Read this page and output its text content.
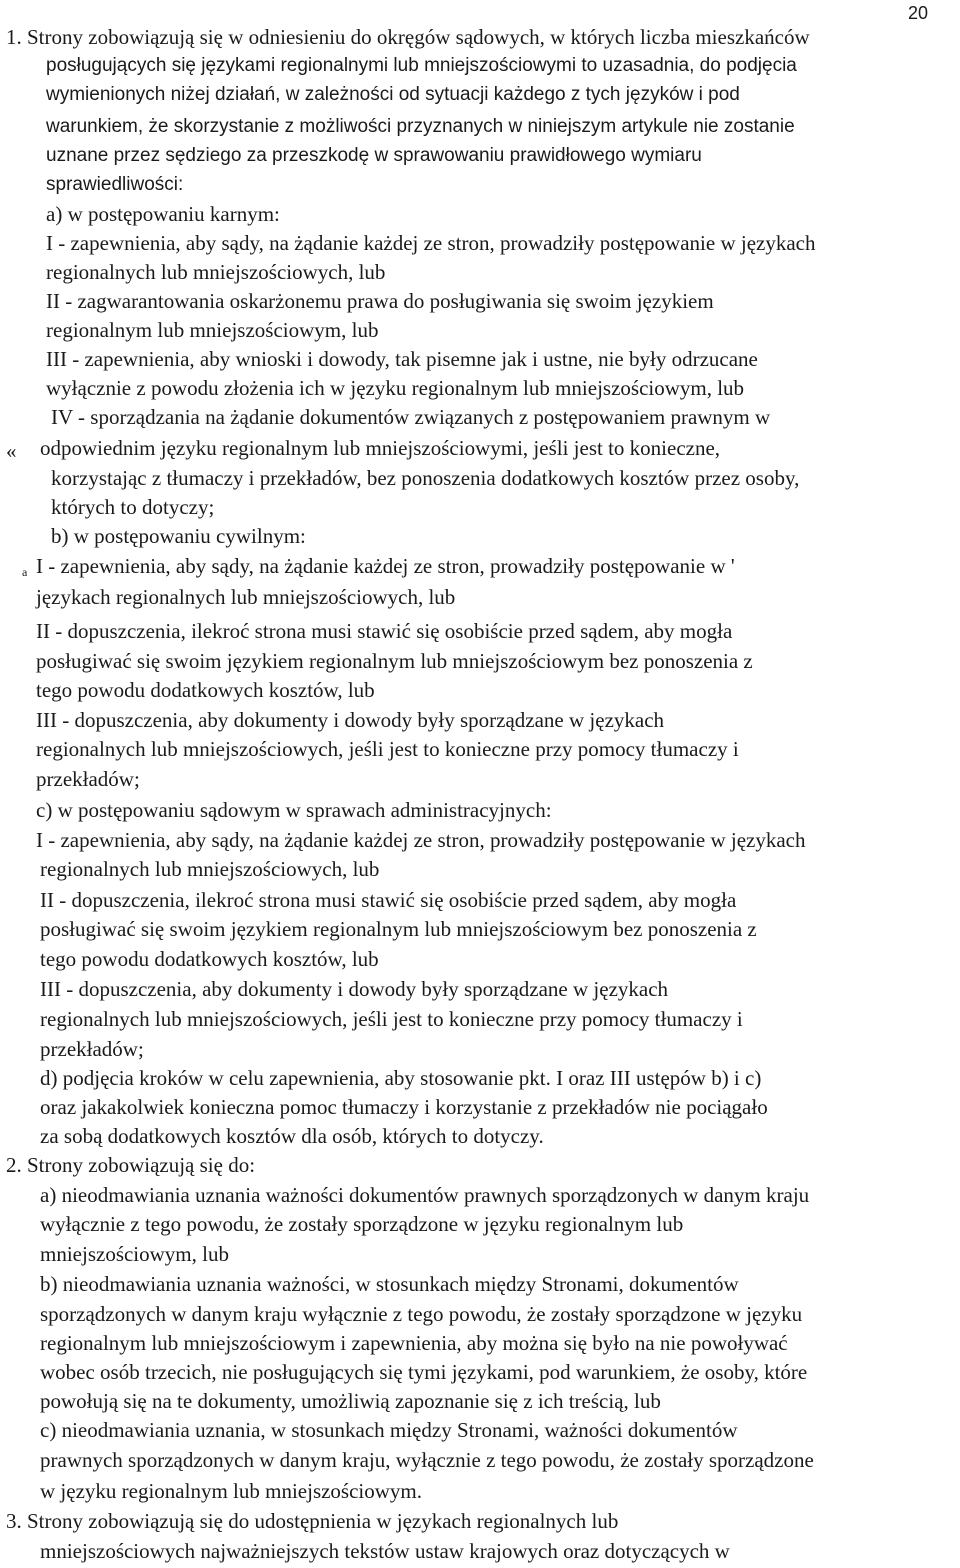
20
«
a
1. Strony zobowiązują się w odniesieniu do okręgów sądowych, w których liczba mieszkańców
posługujących się językami regionalnymi lub mniejszościowymi to uzasadnia, do podjęcia
wymienionych niżej działań, w zależności od sytuacji każdego z tych języków i pod
warunkiem, że skorzystanie z możliwości przyznanych w niniejszym artykule nie zostanie
uznane przez sędziego za przeszkodę w sprawowaniu prawidłowego wymiaru
sprawiedliwości:
a) w postępowaniu karnym:
I - zapewnienia, aby sądy, na żądanie każdej ze stron, prowadziły postępowanie w językach
regionalnych lub mniejszościowych, lub
II - zagwarantowania oskarżonemu prawa do posługiwania się swoim językiem
regionalnym lub mniejszościowym, lub
III - zapewnienia, aby wnioski i dowody, tak pisemne jak i ustne, nie były odrzucane
wyłącznie z powodu złożenia ich w języku regionalnym lub mniejszościowym, lub
IV - sporządzania na żądanie dokumentów związanych z postępowaniem prawnym w
odpowiednim języku regionalnym lub mniejszościowymi, jeśli jest to konieczne,
korzystając z tłumaczy i przekładów, bez ponoszenia dodatkowych kosztów przez osoby,
których to dotyczy;
b) w postępowaniu cywilnym:
I - zapewnienia, aby sądy, na żądanie każdej ze stron, prowadziły postępowanie w '
językach regionalnych lub mniejszościowych, lub
II - dopuszczenia, ilekroć strona musi stawić się osobiście przed sądem, aby mogła
posługiwać się swoim językiem regionalnym lub mniejszościowym bez ponoszenia z
tego powodu dodatkowych kosztów, lub
III - dopuszczenia, aby dokumenty i dowody były sporządzane w językach
regionalnych lub mniejszościowych, jeśli jest to konieczne przy pomocy tłumaczy i
przekładów;
c) w postępowaniu sądowym w sprawach administracyjnych:
I - zapewnienia, aby sądy, na żądanie każdej ze stron, prowadziły postępowanie w językach
regionalnych lub mniejszościowych, lub
II - dopuszczenia, ilekroć strona musi stawić się osobiście przed sądem, aby mogła
posługiwać się swoim językiem regionalnym lub mniejszościowym bez ponoszenia z
tego powodu dodatkowych kosztów, lub
III - dopuszczenia, aby dokumenty i dowody były sporządzane w językach
regionalnych lub mniejszościowych, jeśli jest to konieczne przy pomocy tłumaczy i
przekładów;
d) podjęcia kroków w celu zapewnienia, aby stosowanie pkt. I oraz III ustępów b) i c)
oraz jakakolwiek konieczna pomoc tłumaczy i korzystanie z przekładów nie pociągało
za sobą dodatkowych kosztów dla osób, których to dotyczy.
2. Strony zobowiązują się do:
a) nieodmawiania uznania ważności dokumentów prawnych sporządzonych w danym kraju
wyłącznie z tego powodu, że zostały sporządzone w języku regionalnym lub
mniejszościowym, lub
b) nieodmawiania uznania ważności, w stosunkach między Stronami, dokumentów
sporządzonych w danym kraju wyłącznie z tego powodu, że zostały sporządzone w języku
regionalnym lub mniejszościowym i zapewnienia, aby można się było na nie powoływać
wobec osób trzecich, nie posługujących się tymi językami, pod warunkiem, że osoby, które
powołują się na te dokumenty, umożliwią zapoznanie się z ich treścią, lub
c) nieodmawiania uznania, w stosunkach między Stronami, ważności dokumentów
prawnych sporządzonych w danym kraju, wyłącznie z tego powodu, że zostały sporządzone
w języku regionalnym lub mniejszościowym.
3. Strony zobowiązują się do udostępnienia w językach regionalnych lub
mniejszościowych najważniejszych tekstów ustaw krajowych oraz dotyczących w
